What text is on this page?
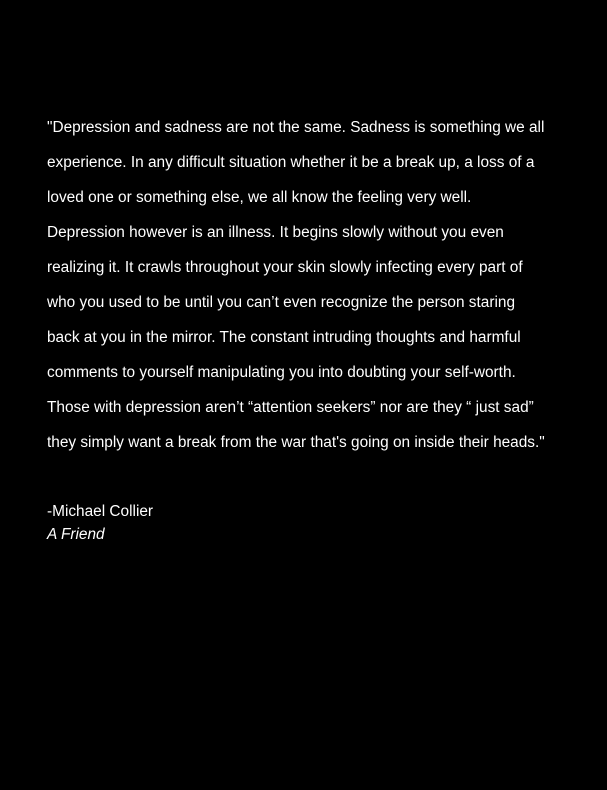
"Depression and sadness are not the same. Sadness is something we all
experience. In any difficult situation whether it be a break up, a loss of a
loved one or something else, we all know the feeling very well.
Depression however is an illness. It begins slowly without you even
realizing it. It crawls throughout your skin slowly infecting every part of
who you used to be until you can’t even recognize the person staring
back at you in the mirror. The constant intruding thoughts and harmful
comments to yourself manipulating you into doubting your self-worth.
Those with depression aren’t “attention seekers” nor are they “ just sad”
they simply want a break from the war that's going on inside their heads."
-Michael Collier
A Friend
